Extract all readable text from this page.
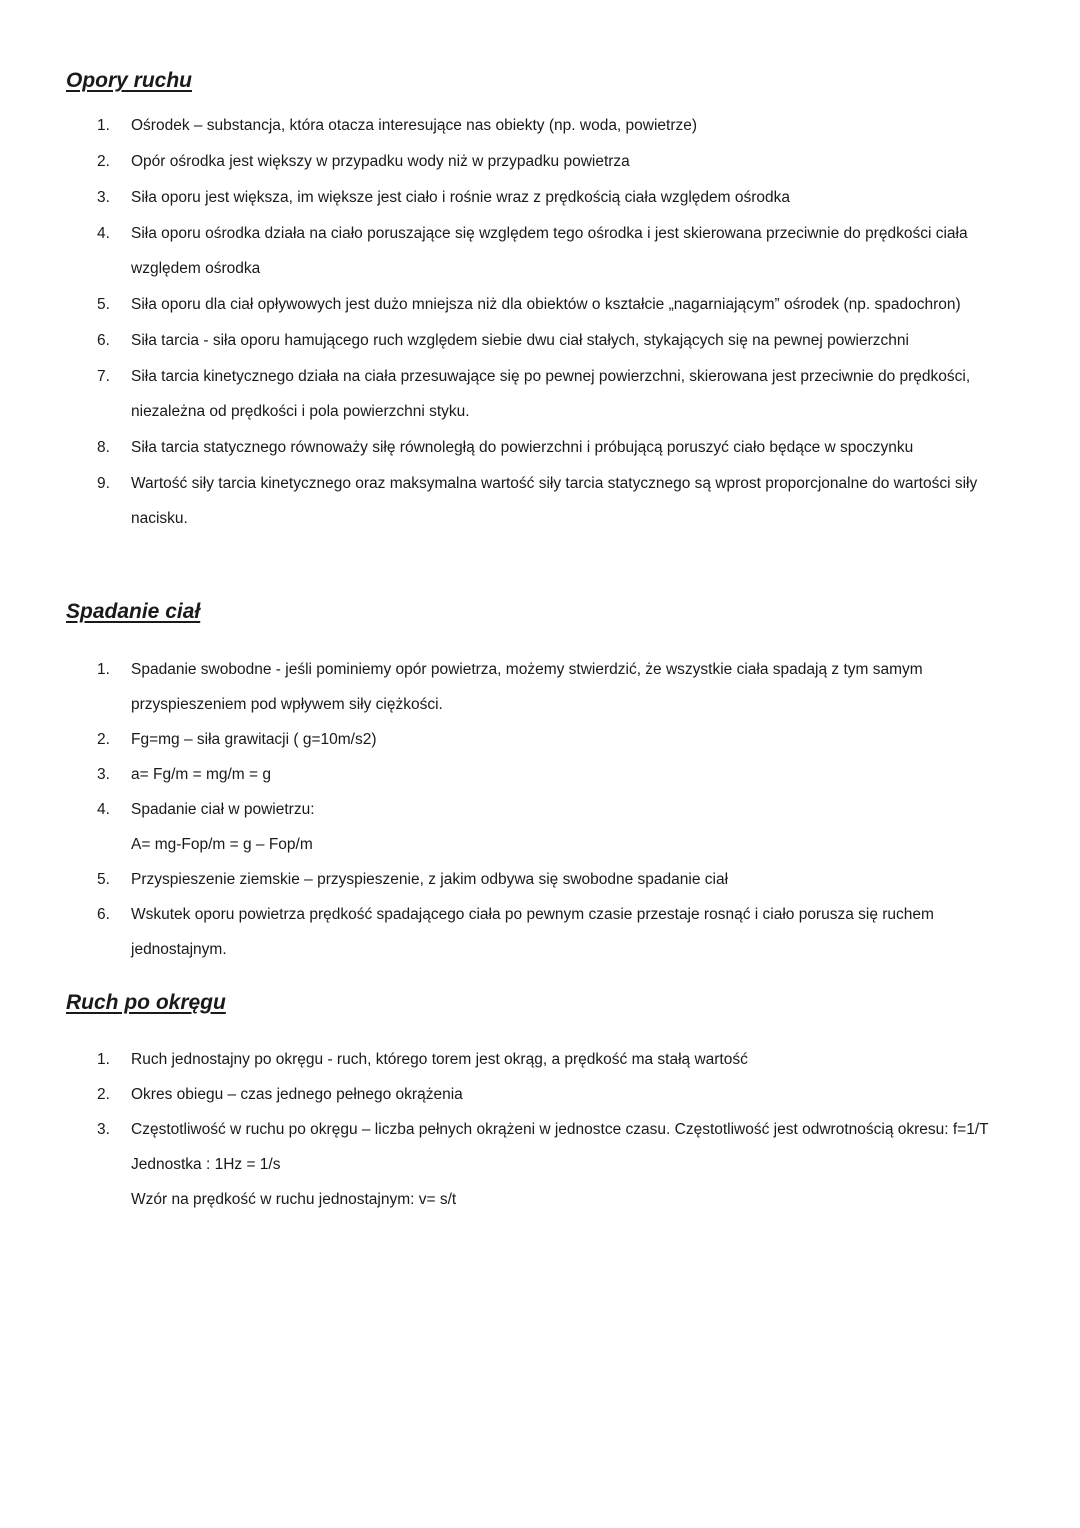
Opory ruchu
1.	Ośrodek – substancja, która otacza interesujące nas obiekty (np. woda, powietrze)
2.	Opór ośrodka jest większy w przypadku wody niż w przypadku powietrza
3.	Siła oporu jest większa, im większe jest ciało i rośnie wraz z prędkością ciała względem ośrodka
4.	Siła oporu ośrodka działa na ciało poruszające się względem tego ośrodka i jest skierowana przeciwnie do prędkości ciała względem ośrodka
5.	Siła oporu dla ciał opływowych jest dużo mniejsza niż dla obiektów o kształcie „nagarniającym” ośrodek (np. spadochron)
6.	Siła tarcia - siła oporu hamującego ruch względem siebie dwu ciał stałych, stykających się na pewnej powierzchni
7.	Siła tarcia kinetycznego działa na ciała przesuwające się po pewnej powierzchni, skierowana jest przeciwnie do prędkości, niezależna od prędkości i pola powierzchni styku.
8.	Siła tarcia statycznego równoważy siłę równoległą do powierzchni i próbującą poruszyć ciało będące w spoczynku
9.	Wartość siły tarcia kinetycznego oraz maksymalna wartość siły tarcia statycznego są wprost proporcjonalne do wartości siły nacisku.
Spadanie ciał
1.	Spadanie swobodne - jeśli pominiemy opór powietrza, możemy stwierdzić, że wszystkie ciała spadają z tym samym przyspieszeniem pod wpływem siły ciężkości.
2.	Fg=mg – siła grawitacji ( g=10m/s2)
3.	a= Fg/m = mg/m = g
4.	Spadanie ciał w powietrzu:
A= mg-Fop/m = g – Fop/m
5.	Przyspieszenie ziemskie – przyspieszenie, z jakim odbywa się swobodne spadanie ciał
6.	Wskutek oporu powietrza prędkość spadającego ciała po pewnym czasie przestaje rosnąć i ciało porusza się ruchem jednostajnym.
Ruch po okręgu
1.	Ruch jednostajny po okręgu - ruch, którego torem jest okrąg, a prędkość ma stałą wartość
2.	Okres obiegu – czas jednego pełnego okrążenia
3.	Częstotliwość w ruchu po okręgu – liczba pełnych okrążeni w jednostce czasu. Częstotliwość jest odwrotnością okresu: f=1/T
Jednostka : 1Hz = 1/s
Wzór na prędkość w ruchu jednostajnym: v= s/t
